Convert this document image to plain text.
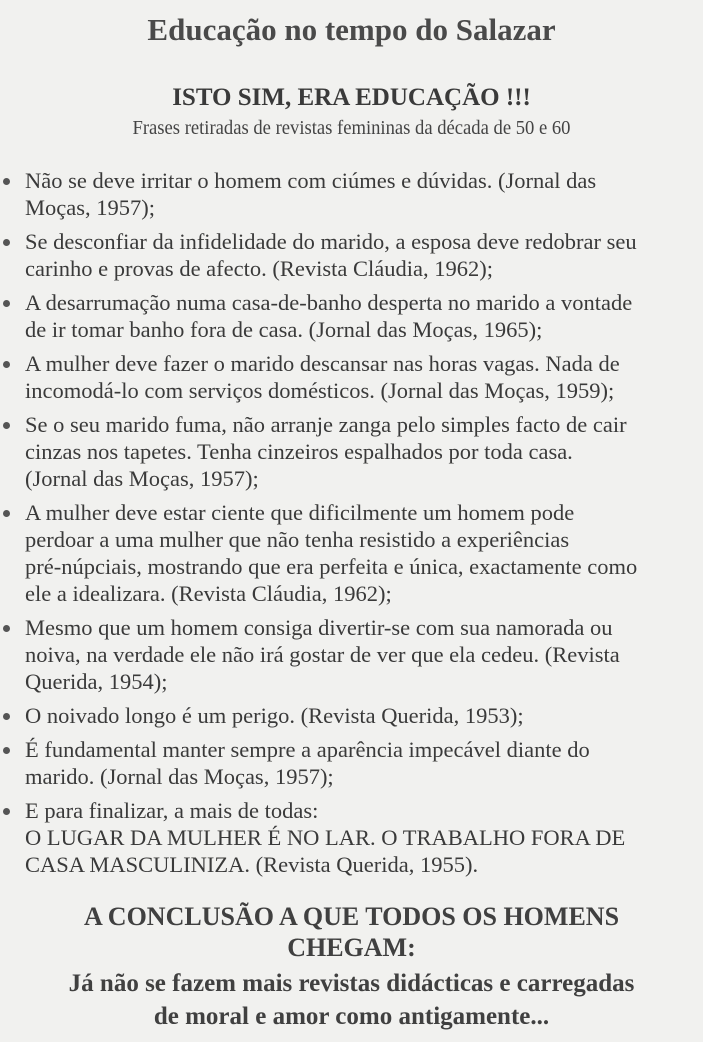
Educação no tempo do Salazar
ISTO SIM, ERA EDUCAÇÃO !!!
Frases retiradas de revistas femininas da década de 50 e 60
Não se deve irritar o homem com ciúmes e dúvidas. (Jornal das
Moças, 1957);
Se desconfiar da infidelidade do marido, a esposa deve redobrar seu
carinho e provas de afecto. (Revista Cláudia, 1962);
A desarrumação numa casa-de-banho desperta no marido a vontade
de ir tomar banho fora de casa. (Jornal das Moças, 1965);
A mulher deve fazer o marido descansar nas horas vagas. Nada de
incomodá-lo com serviços domésticos. (Jornal das Moças, 1959);
Se o seu marido fuma, não arranje zanga pelo simples facto de cair
cinzas nos tapetes. Tenha cinzeiros espalhados por toda casa.
(Jornal das Moças, 1957);
A mulher deve estar ciente que dificilmente um homem pode
perdoar a uma mulher que não tenha resistido a experiências
pré-núpciais, mostrando que era perfeita e única, exactamente como
ele a idealizara. (Revista Cláudia, 1962);
Mesmo que um homem consiga divertir-se com sua namorada ou
noiva, na verdade ele não irá gostar de ver que ela cedeu. (Revista
Querida, 1954);
O noivado longo é um perigo. (Revista Querida, 1953);
É fundamental manter sempre a aparência impecável diante do
marido. (Jornal das Moças, 1957);
E para finalizar, a mais de todas:
O LUGAR DA MULHER É NO LAR. O TRABALHO FORA DE
CASA MASCULINIZA. (Revista Querida, 1955).
A CONCLUSÃO A QUE TODOS OS HOMENS
CHEGAM:
Já não se fazem mais revistas didácticas e carregadas
de moral e amor como antigamente...
